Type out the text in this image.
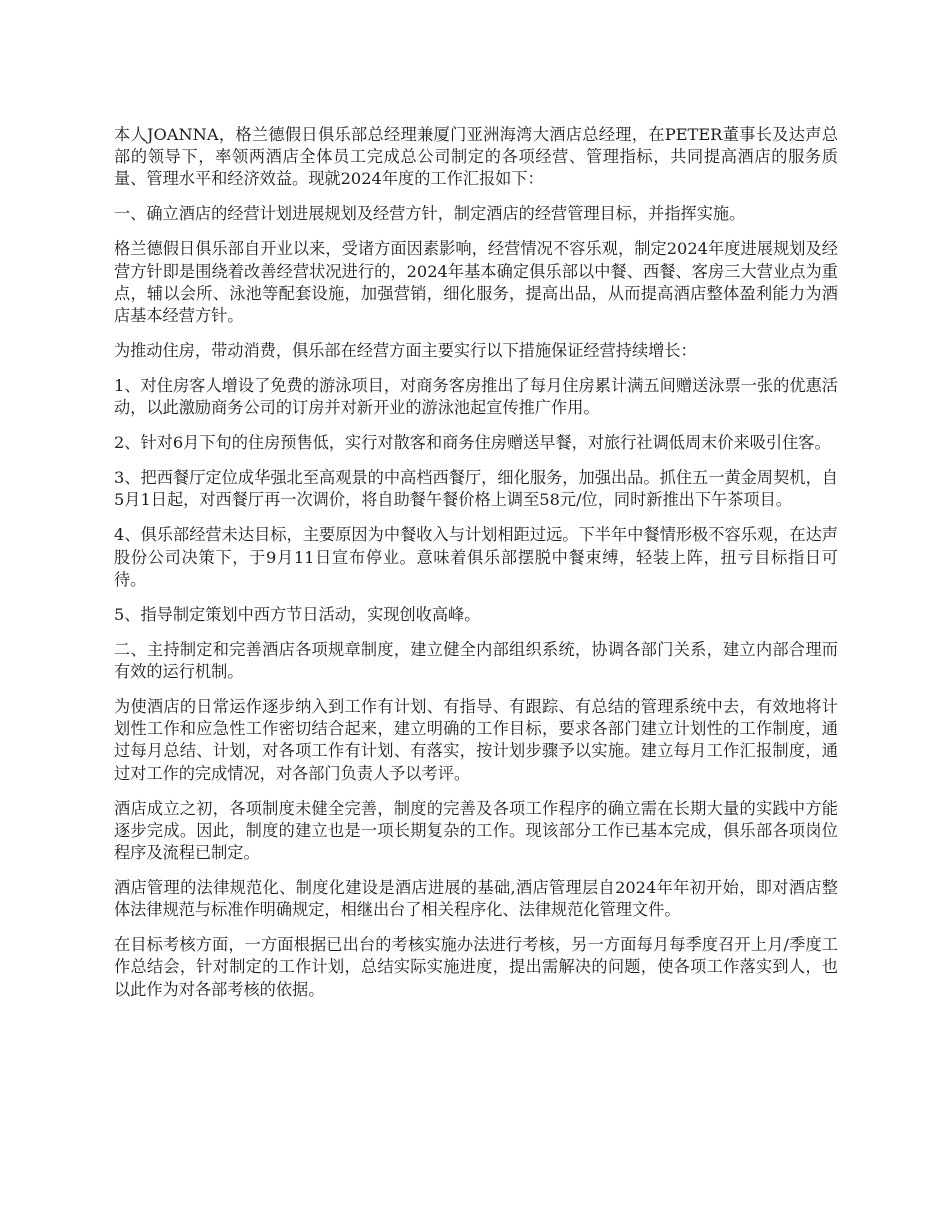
本人JOANNA，格兰德假日俱乐部总经理兼厦门亚洲海湾大酒店总经理，在PETER董事长及达声总部的领导下，率领两酒店全体员工完成总公司制定的各项经营、管理指标，共同提高酒店的服务质量、管理水平和经济效益。现就2024年度的工作汇报如下：

一、确立酒店的经营计划进展规划及经营方针，制定酒店的经营管理目标，并指挥实施。

格兰德假日俱乐部自开业以来，受诸方面因素影响，经营情况不容乐观，制定2024年度进展规划及经营方针即是围绕着改善经营状况进行的，2024年基本确定俱乐部以中餐、西餐、客房三大营业点为重点，辅以会所、泳池等配套设施，加强营销，细化服务，提高出品，从而提高酒店整体盈利能力为酒店基本经营方针。

为推动住房，带动消费，俱乐部在经营方面主要实行以下措施保证经营持续增长：

1、对住房客人增设了免费的游泳项目，对商务客房推出了每月住房累计满五间赠送泳票一张的优惠活动，以此激励商务公司的订房并对新开业的游泳池起宣传推广作用。

2、针对6月下旬的住房预售低，实行对散客和商务住房赠送早餐，对旅行社调低周末价来吸引住客。

3、把西餐厅定位成华强北至高观景的中高档西餐厅，细化服务，加强出品。抓住五一黄金周契机，自5月1日起，对西餐厅再一次调价，将自助餐午餐价格上调至58元/位，同时新推出下午茶项目。

4、俱乐部经营未达目标，主要原因为中餐收入与计划相距过远。下半年中餐情形极不容乐观，在达声股份公司决策下，于9月11日宣布停业。意味着俱乐部摆脱中餐束缚，轻装上阵，扭亏目标指日可待。

5、指导制定策划中西方节日活动，实现创收高峰。

二、主持制定和完善酒店各项规章制度，建立健全内部组织系统，协调各部门关系，建立内部合理而有效的运行机制。

为使酒店的日常运作逐步纳入到工作有计划、有指导、有跟踪、有总结的管理系统中去，有效地将计划性工作和应急性工作密切结合起来，建立明确的工作目标，要求各部门建立计划性的工作制度，通过每月总结、计划，对各项工作有计划、有落实，按计划步骤予以实施。建立每月工作汇报制度，通过对工作的完成情况，对各部门负责人予以考评。

酒店成立之初，各项制度未健全完善，制度的完善及各项工作程序的确立需在长期大量的实践中方能逐步完成。因此，制度的建立也是一项长期复杂的工作。现该部分工作已基本完成，俱乐部各项岗位程序及流程已制定。

酒店管理的法律规范化、制度化建设是酒店进展的基础,酒店管理层自2024年年初开始，即对酒店整体法律规范与标准作明确规定，相继出台了相关程序化、法律规范化管理文件。

在目标考核方面，一方面根据已出台的考核实施办法进行考核，另一方面每月每季度召开上月/季度工作总结会，针对制定的工作计划，总结实际实施进度，提出需解决的问题，使各项工作落实到人，也以此作为对各部考核的依据。
